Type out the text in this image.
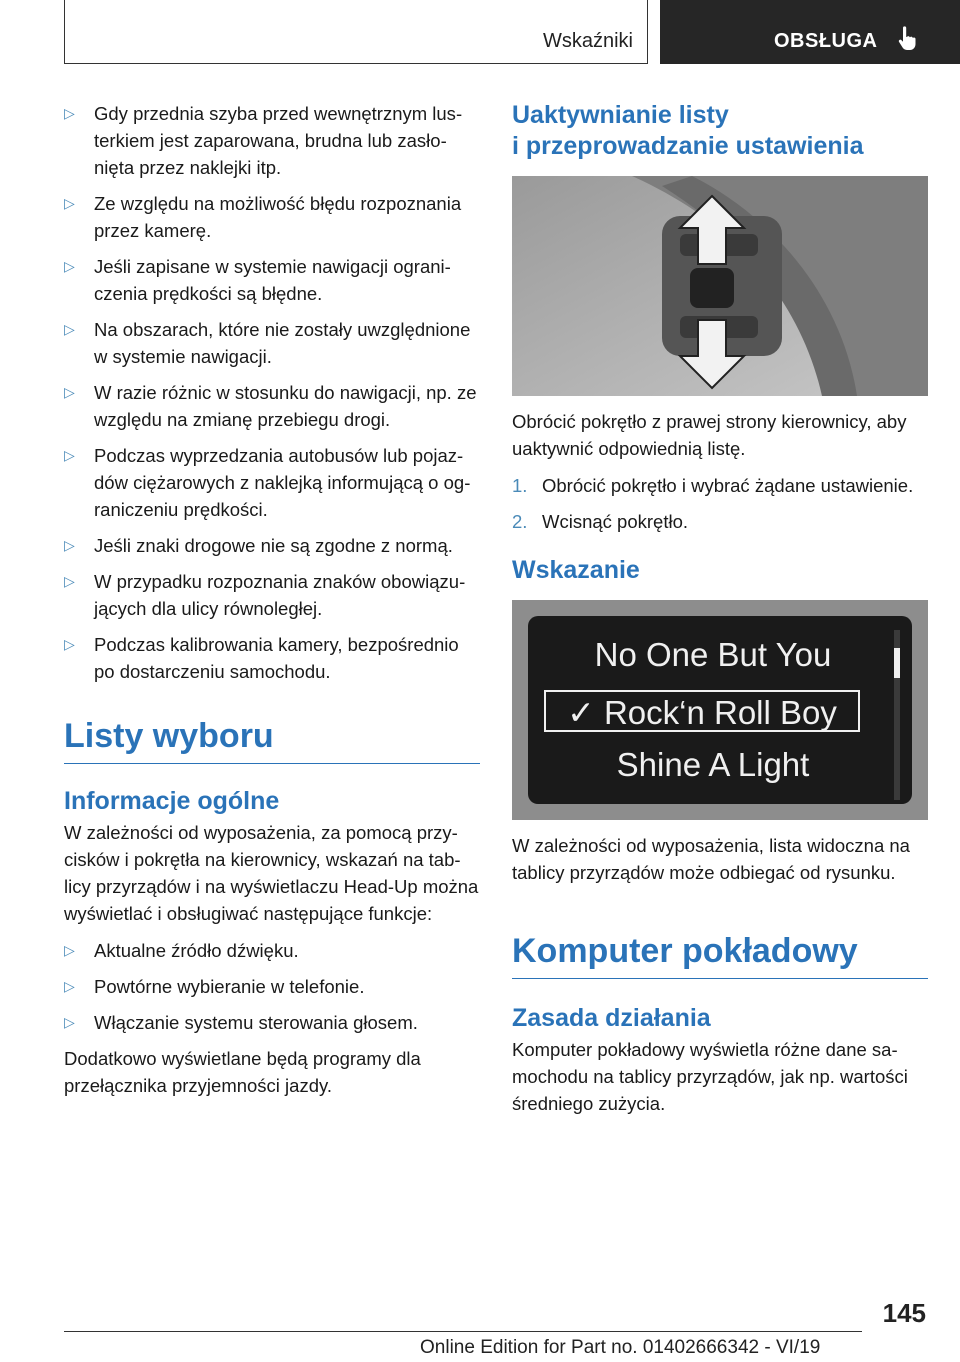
Wskaźniki	OBSŁUGA
▷ Gdy przednia szyba przed wewnętrznym lusterkiem jest zaparowana, brudna lub zasłonięta przez naklejki itp.
▷ Ze względu na możliwość błędu rozpoznania przez kamerę.
▷ Jeśli zapisane w systemie nawigacji ograniczenia prędkości są błędne.
▷ Na obszarach, które nie zostały uwzględnione w systemie nawigacji.
▷ W razie różnic w stosunku do nawigacji, np. ze względu na zmianę przebiegu drogi.
▷ Podczas wyprzedzania autobusów lub pojazdów ciężarowych z naklejką informującą o ograniczeniu prędkości.
▷ Jeśli znaki drogowe nie są zgodne z normą.
▷ W przypadku rozpoznania znaków obowiązujących dla ulicy równoległej.
▷ Podczas kalibrowania kamery, bezpośrednio po dostarczeniu samochodu.
Listy wyboru
Informacje ogólne

W zależności od wyposażenia, za pomocą przycisków i pokrętła na kierownicy, wskazań na tablicy przyrządów i na wyświetlaczu Head-Up można wyświetlać i obsługiwać następujące funkcje:

▷ Aktualne źródło dźwięku.
▷ Powtórne wybieranie w telefonie.
▷ Włączanie systemu sterowania głosem.

Dodatkowo wyświetlane będą programy dla przełącznika przyjemności jazdy.

Uaktywnianie listy
i przeprowadzanie ustawienia

Obrócić pokrętło z prawej strony kierownicy, aby uaktywnić odpowiednią listę.

1. Obrócić pokrętło i wybrać żądane ustawienie.
2. Wcisnąć pokrętło.
Wskazanie
No One But You
✓ Rock‘n Roll Boy
Shine A Light

W zależności od wyposażenia, lista widoczna na tablicy przyrządów może odbiegać od rysunku.

Komputer pokładowy
Zasada działania

Komputer pokładowy wyświetla różne dane samochodu na tablicy przyrządów, jak np. wartości średniego zużycia.

145
Online Edition for Part no. 01402666342 - VI/19
